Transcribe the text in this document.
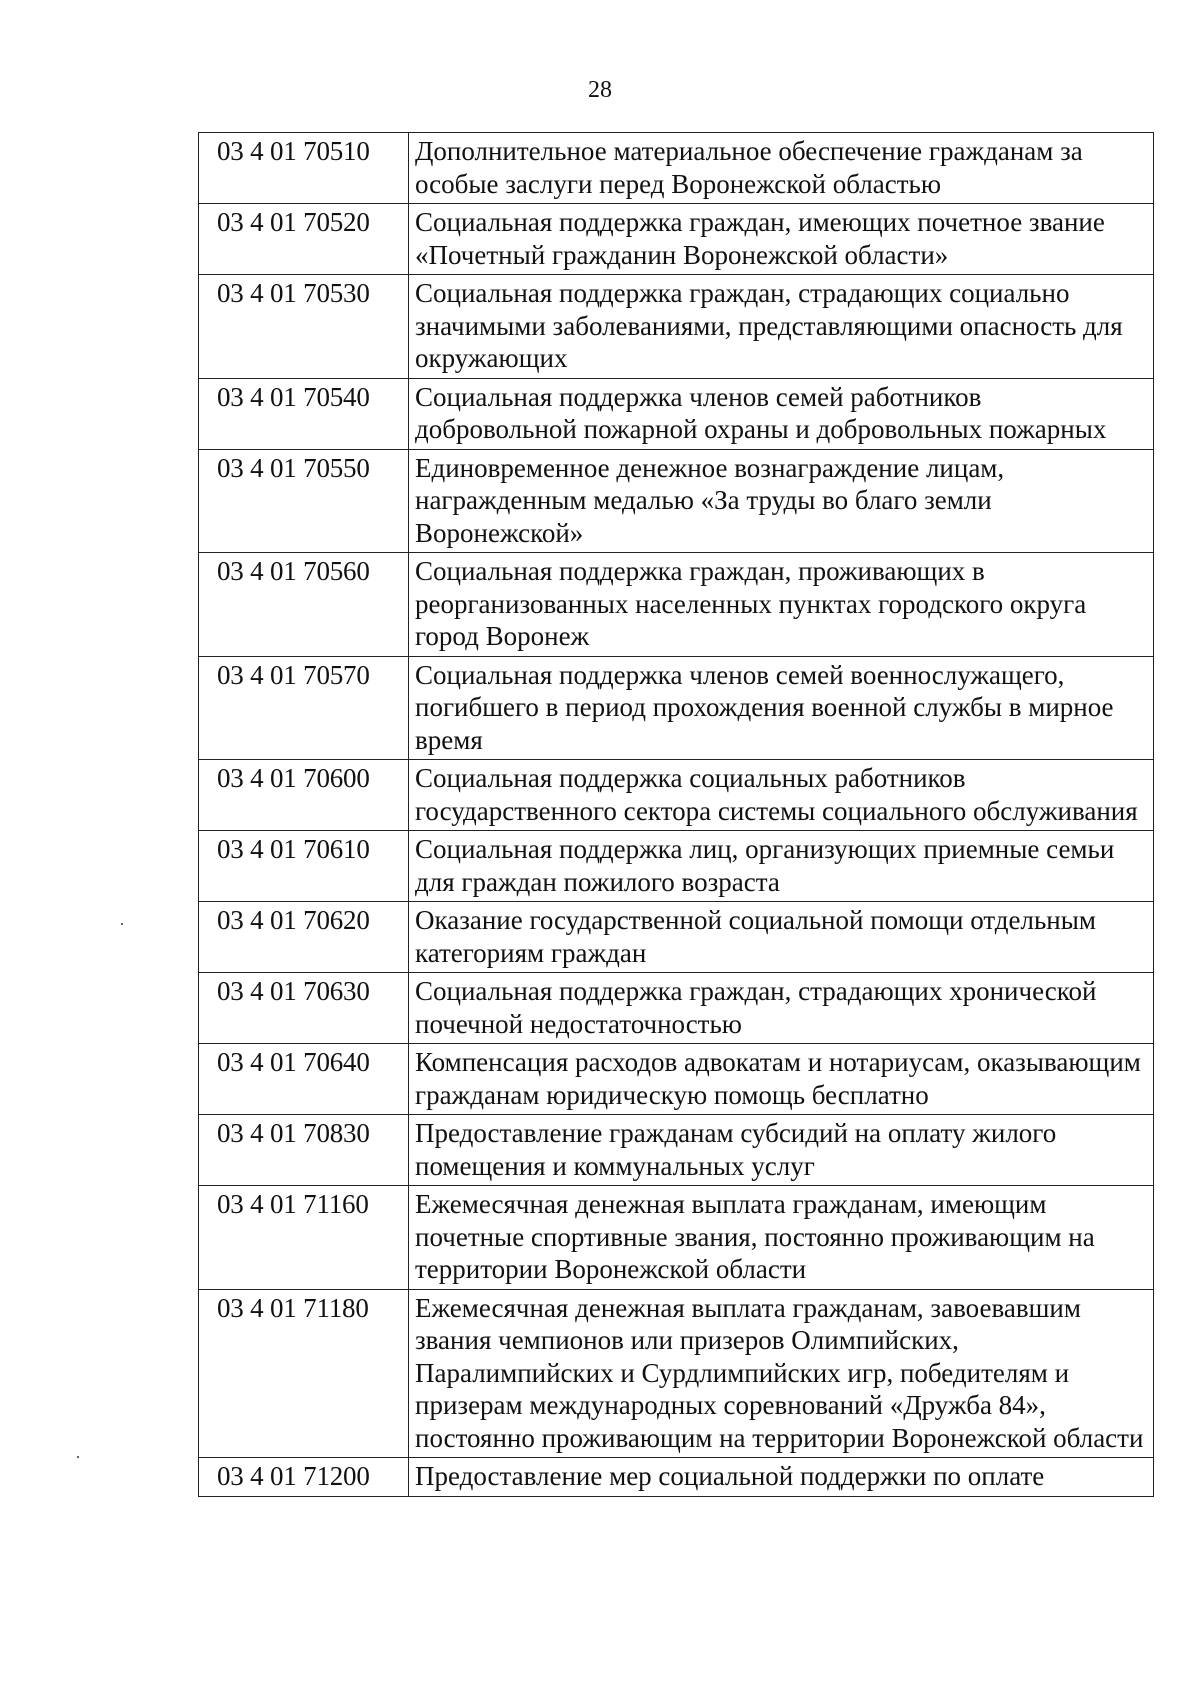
28
03 4 01 70510	Дополнительное материальное обеспечение гражданам за особые заслуги перед Воронежской областью
03 4 01 70520	Социальная поддержка граждан, имеющих почетное звание «Почетный гражданин Воронежской области»
03 4 01 70530	Социальная поддержка граждан, страдающих социально значимыми заболеваниями, представляющими опасность для окружающих
03 4 01 70540	Социальная поддержка членов семей работников добровольной пожарной охраны и добровольных пожарных
03 4 01 70550	Единовременное денежное вознаграждение лицам, награжденным медалью «За труды во благо земли Воронежской»
03 4 01 70560	Социальная поддержка граждан, проживающих в реорганизованных населенных пунктах городского округа город Воронеж
03 4 01 70570	Социальная поддержка членов семей военнослужащего, погибшего в период прохождения военной службы в мирное время
03 4 01 70600	Социальная поддержка социальных работников государственного сектора системы социального обслуживания
03 4 01 70610	Социальная поддержка лиц, организующих приемные семьи для граждан пожилого возраста
03 4 01 70620	Оказание государственной социальной помощи отдельным категориям граждан
03 4 01 70630	Социальная поддержка граждан, страдающих хронической почечной недостаточностью
03 4 01 70640	Компенсация расходов адвокатам и нотариусам, оказывающим гражданам юридическую помощь бесплатно
03 4 01 70830	Предоставление гражданам субсидий на оплату жилого помещения и коммунальных услуг
03 4 01 71160	Ежемесячная денежная выплата гражданам, имеющим почетные спортивные звания, постоянно проживающим на территории Воронежской области
03 4 01 71180	Ежемесячная денежная выплата гражданам, завоевавшим звания чемпионов или призеров Олимпийских, Паралимпийских и Сурдлимпийских игр, победителям и призерам международных соревнований «Дружба 84», постоянно проживающим на территории Воронежской области
03 4 01 71200	Предоставление мер социальной поддержки по оплате
